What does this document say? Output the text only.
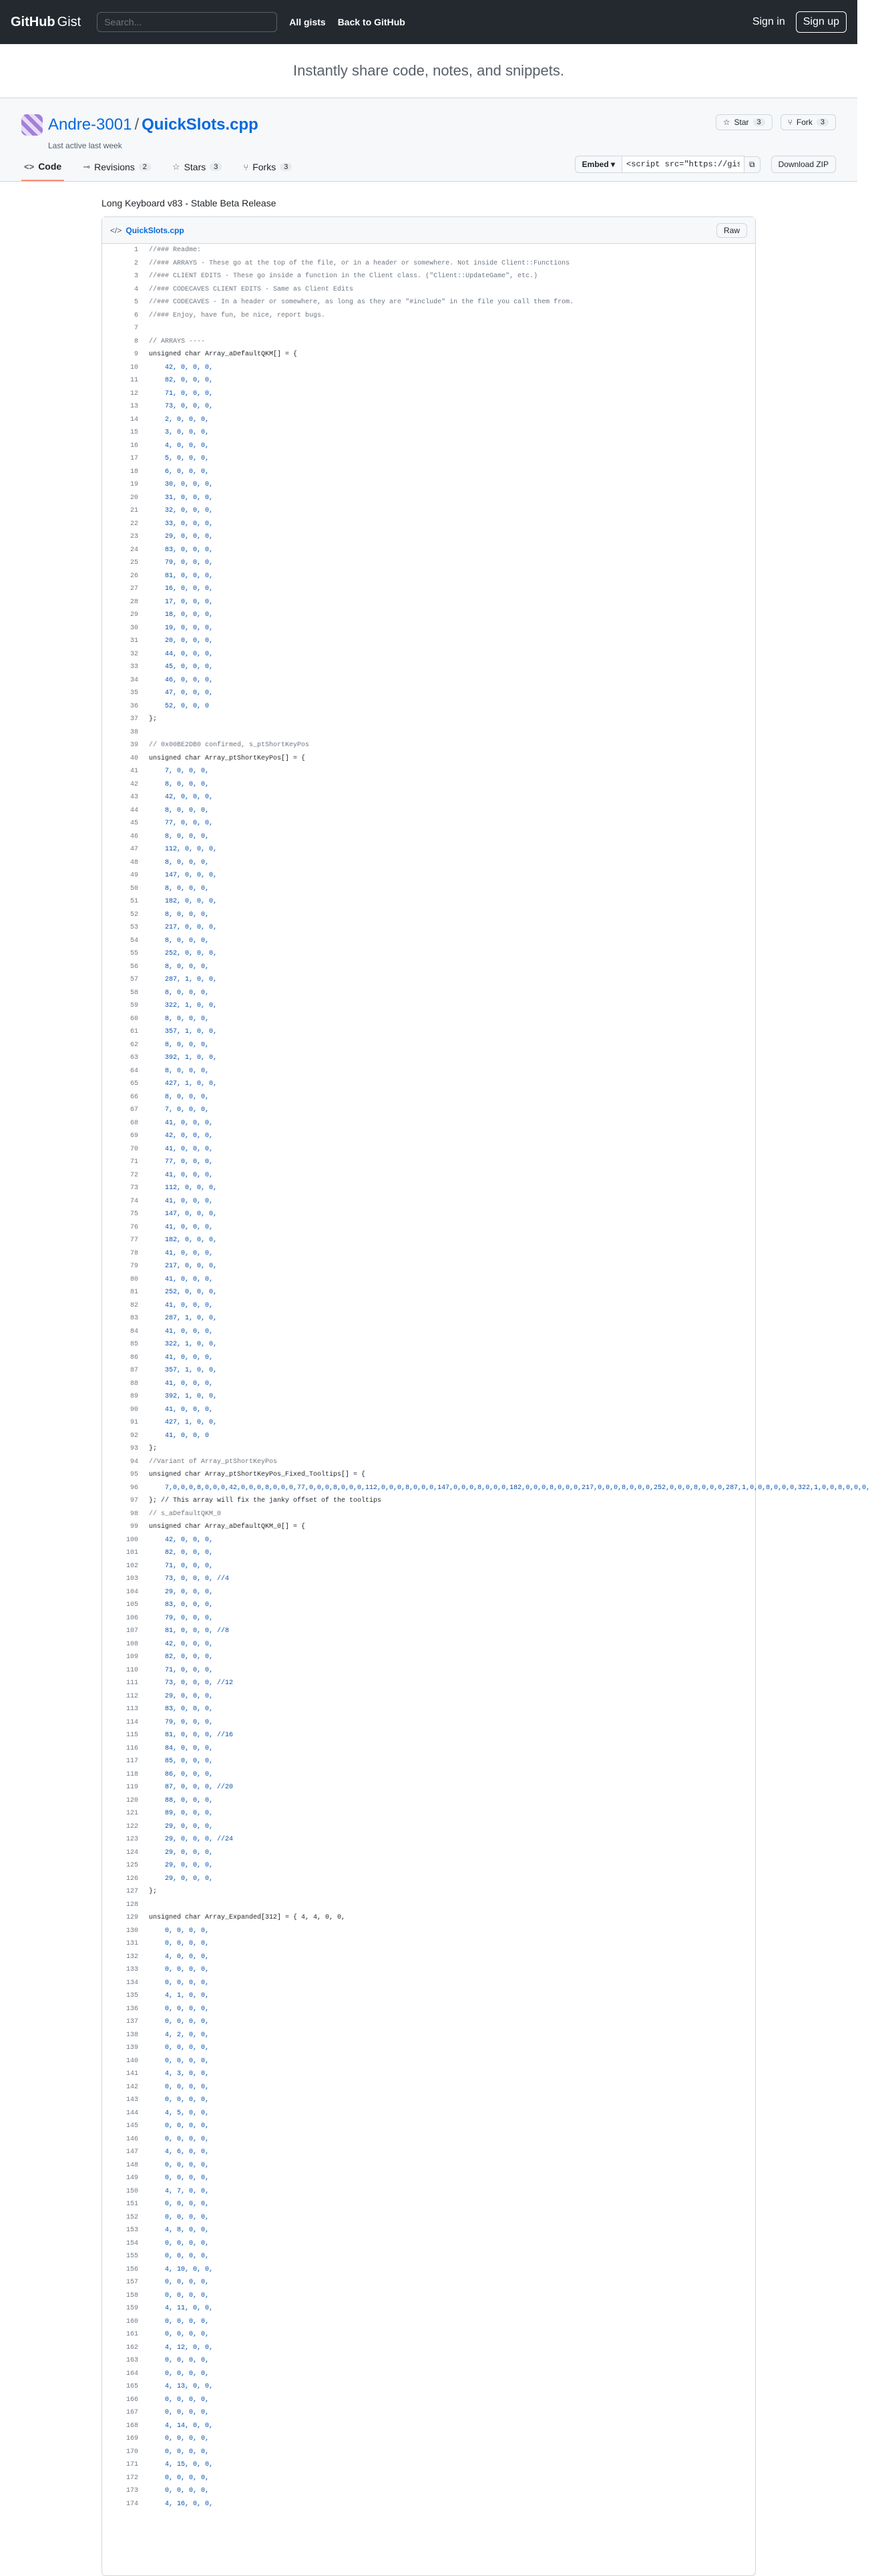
GitHub Gist
Search...	All gists Back to GitHub	Sign in	Sign up
Instantly share code, notes, and snippets.
Andre-3001 / QuickSlots.cpp
Last active last week
☆ Star	3	⑂ Fork	3
<> Code ⊸ Revisions	2	☆ Stars	3	⑂ Forks	3	Embed ▾
<script src="https://gist.github.com/Andre-3001/	⧉	Download ZIP
Long Keyboard v83 - Stable Beta Release
</> QuickSlots.cpp	Raw
1	//### Readme:
2	//### ARRAYS - These go at the top of the file, or in a header or somewhere. Not inside Client::Functions
3	//### CLIENT EDITS - These go inside a function in the Client class. ("Client::UpdateGame", etc.)
4	//### CODECAVES CLIENT EDITS - Same as Client Edits
5	//### CODECAVES - In a header or somewhere, as long as they are "#include" in the file you call them from.
6	//### Enjoy, have fun, be nice, report bugs.
7
8	// ARRAYS ----
9	unsigned char Array_aDefaultQKM[] = {
10	42, 0, 0, 0,
11	82, 0, 0, 0,
12	71, 0, 0, 0,
13	73, 0, 0, 0,
14	2, 0, 0, 0,
15	3, 0, 0, 0,
16	4, 0, 0, 0,
17	5, 0, 0, 0,
18	6, 0, 0, 0,
19	30, 0, 0, 0,
20	31, 0, 0, 0,
21	32, 0, 0, 0,
22	33, 0, 0, 0,
23	29, 0, 0, 0,
24	83, 0, 0, 0,
25	79, 0, 0, 0,
26	81, 0, 0, 0,
27	16, 0, 0, 0,
28	17, 0, 0, 0,
29	18, 0, 0, 0,
30	19, 0, 0, 0,
31	20, 0, 0, 0,
32	44, 0, 0, 0,
33	45, 0, 0, 0,
34	46, 0, 0, 0,
35	47, 0, 0, 0,
36	52, 0, 0, 0
37	};
38
39	// 0x00BE2DB0 confirmed, s_ptShortKeyPos
40	unsigned char Array_ptShortKeyPos[] = {
41	7, 0, 0, 0,
42	8, 0, 0, 0,
43	42, 0, 0, 0,
44	8, 0, 0, 0,
45	77, 0, 0, 0,
46	8, 0, 0, 0,
47	112, 0, 0, 0,
48	8, 0, 0, 0,
49	147, 0, 0, 0,
50	8, 0, 0, 0,
51	182, 0, 0, 0,
52	8, 0, 0, 0,
53	217, 0, 0, 0,
54	8, 0, 0, 0,
55	252, 0, 0, 0,
56	8, 0, 0, 0,
57	287, 1, 0, 0,
58	8, 0, 0, 0,
59	322, 1, 0, 0,
60	8, 0, 0, 0,
61	357, 1, 0, 0,
62	8, 0, 0, 0,
63	392, 1, 0, 0,
64	8, 0, 0, 0,
65	427, 1, 0, 0,
66	8, 0, 0, 0,
67	7, 0, 0, 0,
68	41, 0, 0, 0,
69	42, 0, 0, 0,
70	41, 0, 0, 0,
71	77, 0, 0, 0,
72	41, 0, 0, 0,
73	112, 0, 0, 0,
74	41, 0, 0, 0,
75	147, 0, 0, 0,
76	41, 0, 0, 0,
77	182, 0, 0, 0,
78	41, 0, 0, 0,
79	217, 0, 0, 0,
80	41, 0, 0, 0,
81	252, 0, 0, 0,
82	41, 0, 0, 0,
83	287, 1, 0, 0,
84	41, 0, 0, 0,
85	322, 1, 0, 0,
86	41, 0, 0, 0,
87	357, 1, 0, 0,
88	41, 0, 0, 0,
89	392, 1, 0, 0,
90	41, 0, 0, 0,
91	427, 1, 0, 0,
92	41, 0, 0, 0
93	};
94	//Variant of Array_ptShortKeyPos
95	unsigned char Array_ptShortKeyPos_Fixed_Tooltips[] = {
96	7,0,0,0,8,0,0,0,42,0,0,0,8,0,0,0,77,0,0,0,8,0,0,0,112,0,0,0,8,0,0,0,147,0,0,0,8,0,0,0,182,0,0,0,8,0,0,0,217,0,0,0,8,0,0,0,252,0,0,0,8,0,0,0,287,1,0,0,8,0,0,0,322,1,0,0,8,0,0,0,
97	}; // This array will fix the janky offset of the tooltips
98	// s_aDefaultQKM_0
99	unsigned char Array_aDefaultQKM_0[] = {
100	42, 0, 0, 0,
101	82, 0, 0, 0,
102	71, 0, 0, 0,
103	73, 0, 0, 0, //4
104	29, 0, 0, 0,
105	83, 0, 0, 0,
106	79, 0, 0, 0,
107	81, 0, 0, 0, //8
108	42, 0, 0, 0,
109	82, 0, 0, 0,
110	71, 0, 0, 0,
111	73, 0, 0, 0, //12
112	29, 0, 0, 0,
113	83, 0, 0, 0,
114	79, 0, 0, 0,
115	81, 0, 0, 0, //16
116	84, 0, 0, 0,
117	85, 0, 0, 0,
118	86, 0, 0, 0,
119	87, 0, 0, 0, //20
120	88, 0, 0, 0,
121	89, 0, 0, 0,
122	29, 0, 0, 0,
123	29, 0, 0, 0, //24
124	29, 0, 0, 0,
125	29, 0, 0, 0,
126	29, 0, 0, 0,
127	};
128
129	unsigned char Array_Expanded[312] = { 4, 4, 0, 0,
130	0, 0, 0, 0,
131	0, 0, 0, 0,
132	4, 0, 0, 0,
133	0, 0, 0, 0,
134	0, 0, 0, 0,
135	4, 1, 0, 0,
136	0, 0, 0, 0,
137	0, 0, 0, 0,
138	4, 2, 0, 0,
139	0, 0, 0, 0,
140	0, 0, 0, 0,
141	4, 3, 0, 0,
142	0, 0, 0, 0,
143	0, 0, 0, 0,
144	4, 5, 0, 0,
145	0, 0, 0, 0,
146	0, 0, 0, 0,
147	4, 6, 0, 0,
148	0, 0, 0, 0,
149	0, 0, 0, 0,
150	4, 7, 0, 0,
151	0, 0, 0, 0,
152	0, 0, 0, 0,
153	4, 8, 0, 0,
154	0, 0, 0, 0,
155	0, 0, 0, 0,
156	4, 10, 0, 0,
157	0, 0, 0, 0,
158	0, 0, 0, 0,
159	4, 11, 0, 0,
160	0, 0, 0, 0,
161	0, 0, 0, 0,
162	4, 12, 0, 0,
163	0, 0, 0, 0,
164	0, 0, 0, 0,
165	4, 13, 0, 0,
166	0, 0, 0, 0,
167	0, 0, 0, 0,
168	4, 14, 0, 0,
169	0, 0, 0, 0,
170	0, 0, 0, 0,
171	4, 15, 0, 0,
172	0, 0, 0, 0,
173	0, 0, 0, 0,
174	4, 16, 0, 0,
